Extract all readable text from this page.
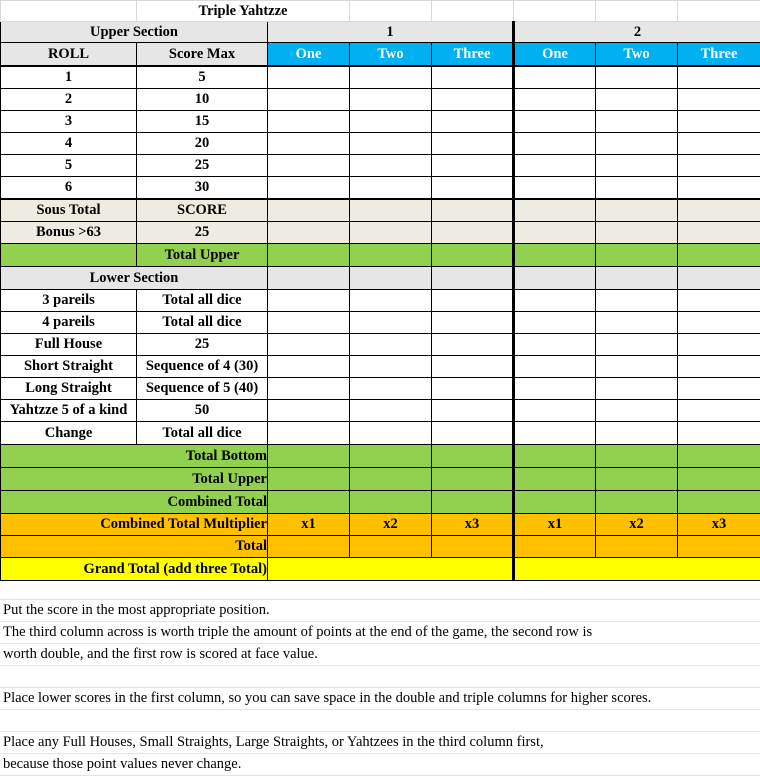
	Triple Yahtzze						
Upper Section		1			2		
ROLL	Score Max	One	Two	Three	One	Two	Three
1	5						
2	10						
3	15						
4	20						
5	25						
6	30						
Sous Total	SCORE						
Bonus >63	25						
	Total Upper						
Lower Section							
3 pareils	Total all dice						
4 pareils	Total all dice						
Full House	25						
Short Straight	Sequence of 4 (30)						
Long Straight	Sequence of 5 (40)						
Yahtzze 5 of a kind	50						
Change	Total all dice						
Total Bottom							
Total Upper							
Combined Total							
Combined Total Multiplier		x1	x2	x3	x1	x2	x3
Total							
Grand Total (add three Total)							
Put the score in the most appropriate position.
The third column across is worth triple the amount of points at the end of the game, the second row is
worth double, and the first row is scored at face value.
Place lower scores in the first column, so you can save space in the double and triple columns for higher scores.
Place any Full Houses, Small Straights, Large Straights, or Yahtzees in the third column first,
because those point values never change.
